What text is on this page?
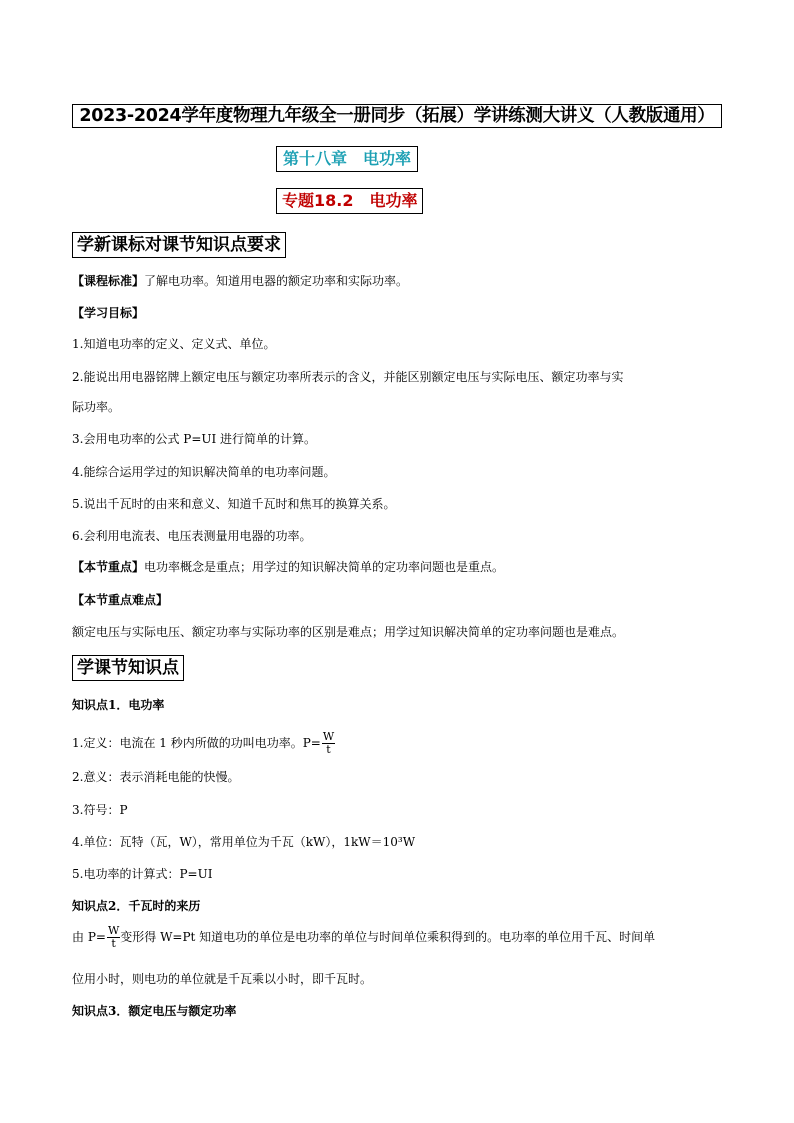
2023-2024学年度物理九年级全一册同步（拓展）学讲练测大讲义（人教版通用）
第十八章　电功率
专题18.2　电功率
学新课标对课节知识点要求
【课程标准】了解电功率。知道用电器的额定功率和实际功率。
【学习目标】
1.知道电功率的定义、定义式、单位。
2.能说出用电器铭牌上额定电压与额定功率所表示的含义，并能区别额定电压与实际电压、额定功率与实
际功率。
3.会用电功率的公式 P=UI 进行简单的计算。
4.能综合运用学过的知识解决简单的电功率问题。
5.说出千瓦时的由来和意义、知道千瓦时和焦耳的换算关系。
6.会利用电流表、电压表测量用电器的功率。
【本节重点】电功率概念是重点；用学过的知识解决简单的定功率问题也是重点。
【本节重点难点】
额定电压与实际电压、额定功率与实际功率的区别是难点；用学过知识解决简单的定功率问题也是难点。
学课节知识点
知识点1．电功率
1.定义：电流在 1 秒内所做的功叫电功率。$P= \frac{W}{t}$
2.意义：表示消耗电能的快慢。
3.符号：P
4.单位：瓦特（瓦，W），常用单位为千瓦（kW），1kW＝10³W
5.电功率的计算式：P=UI
知识点2．千瓦时的来历
由 $P= \frac{W}{t}$ 变形得 W=Pt 知道电功的单位是电功率的单位与时间单位乘积得到的。电功率的单位用千瓦、时间单
位用小时，则电功的单位就是千瓦乘以小时，即千瓦时。
知识点3．额定电压与额定功率
